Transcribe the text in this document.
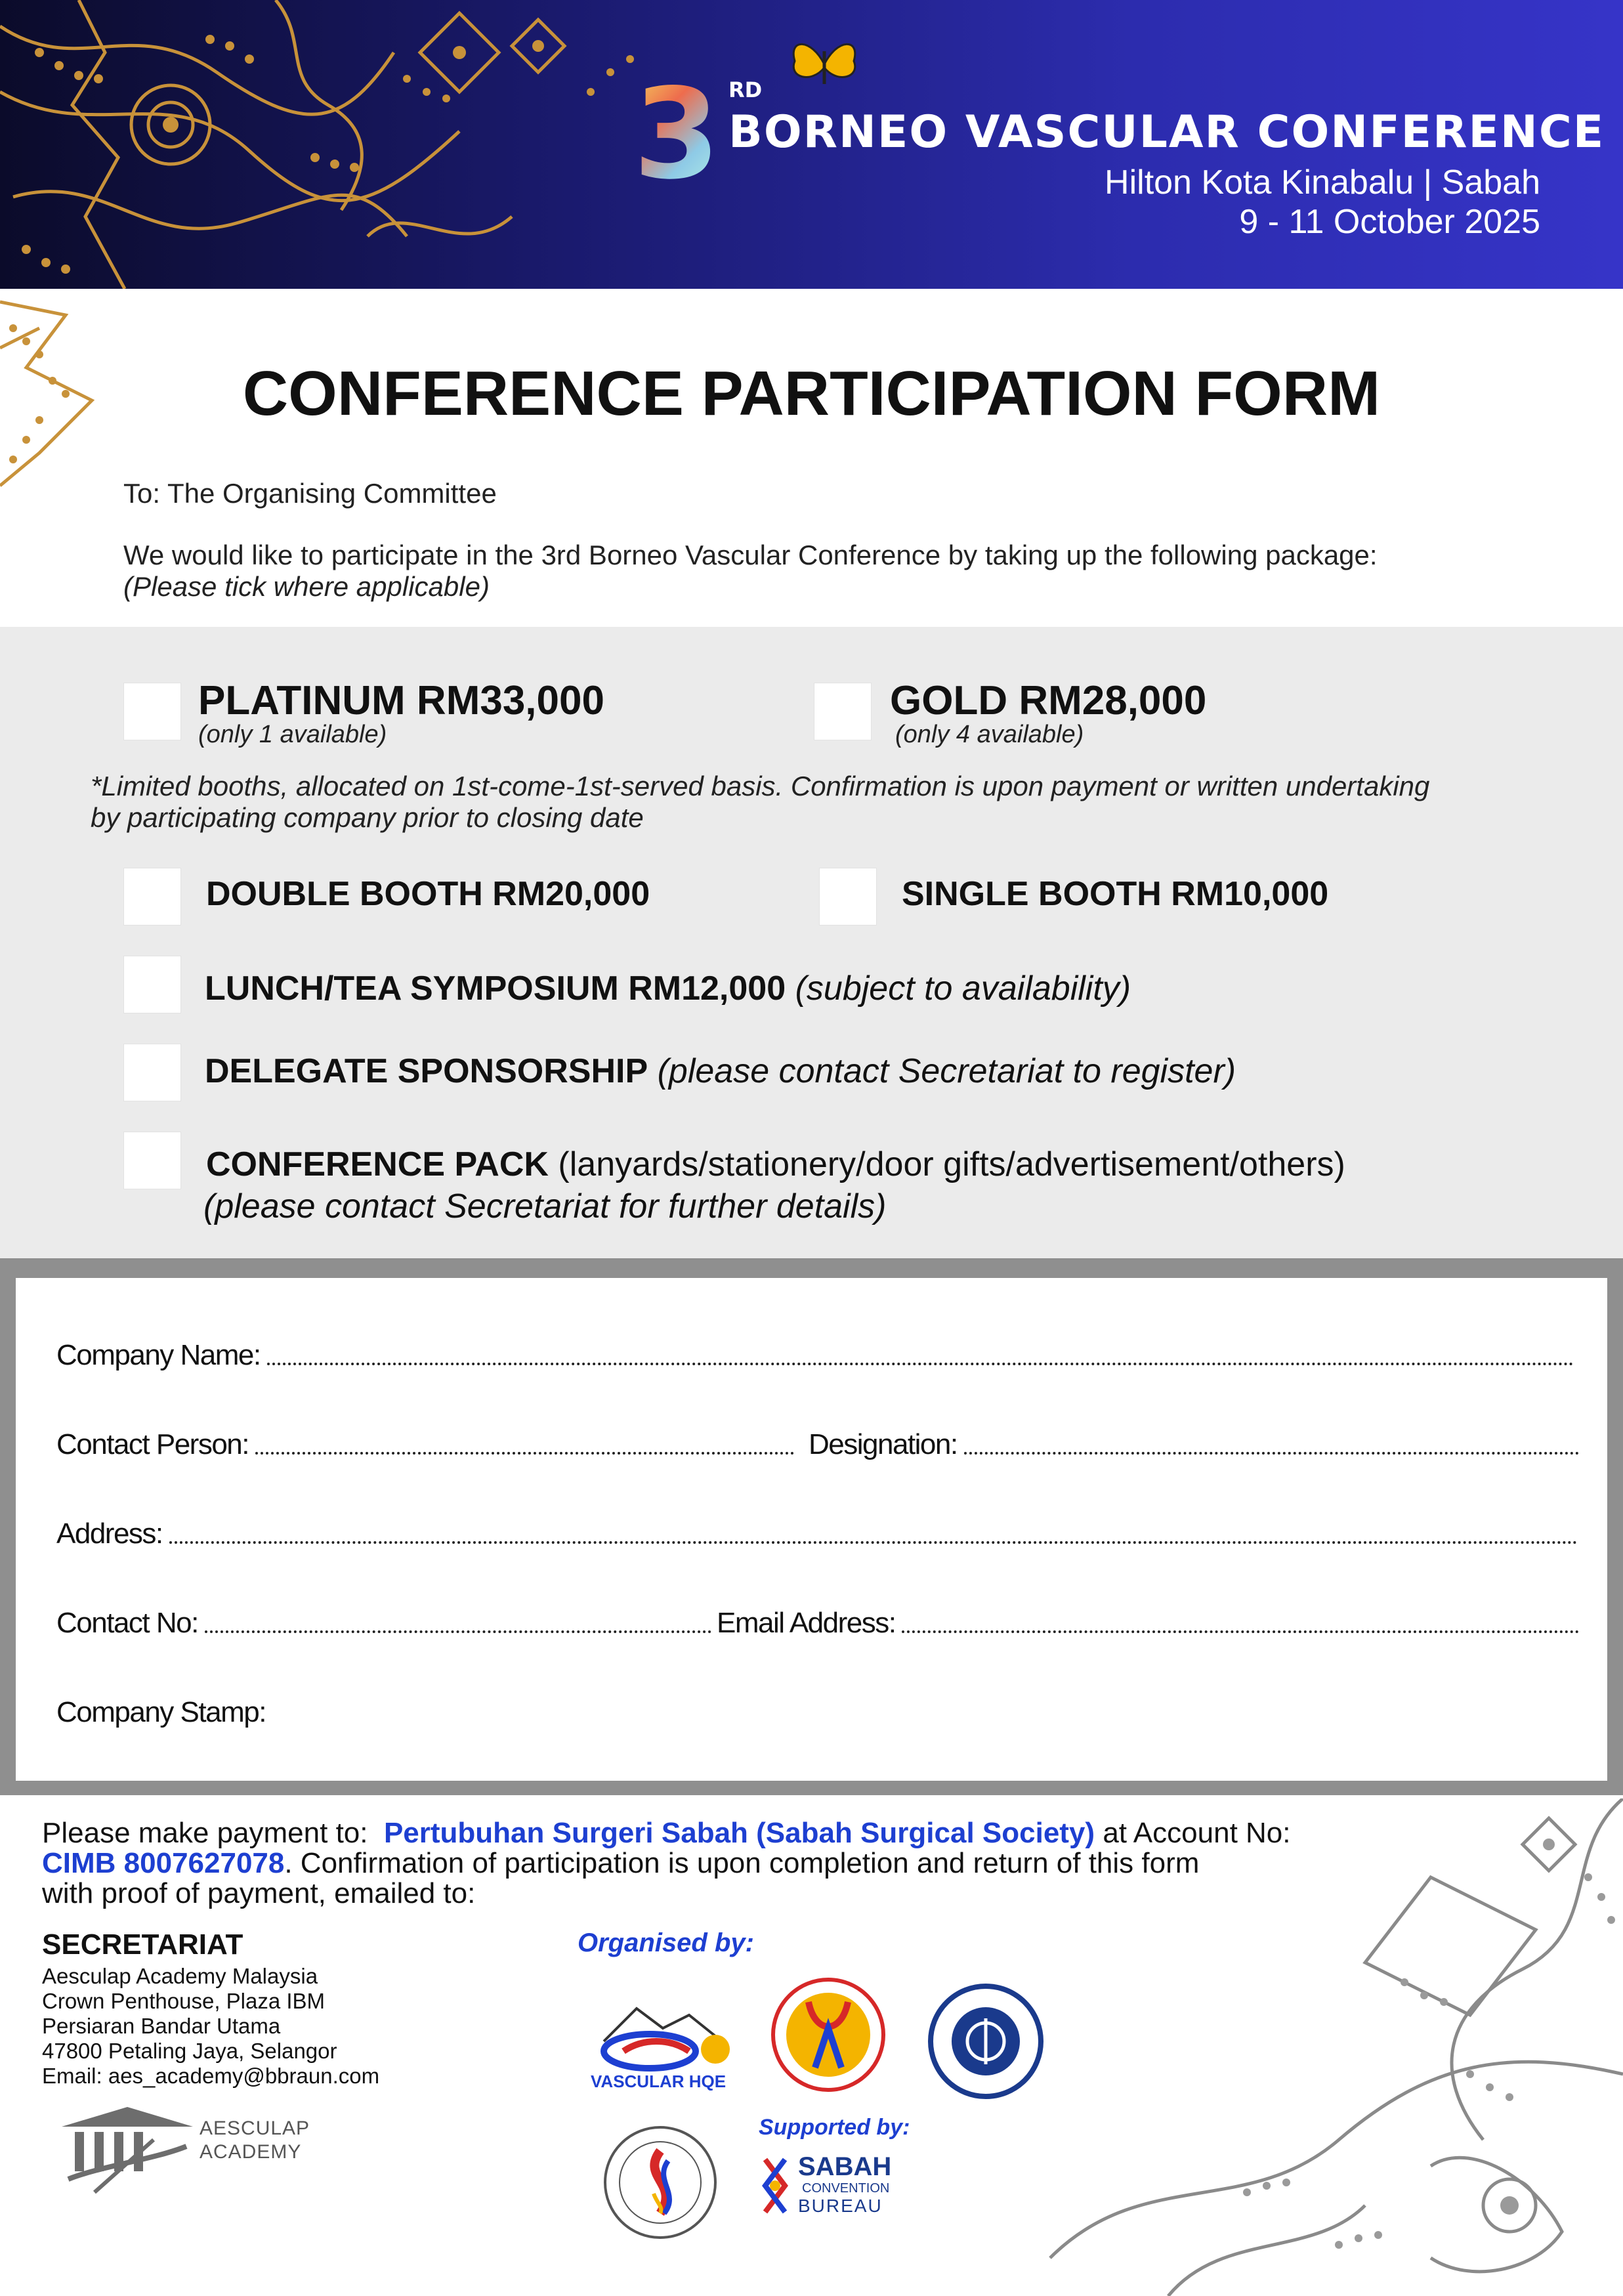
3 RD
BORNEO VASCULAR CONFERENCE
Hilton Kota Kinabalu | Sabah
9 - 11 October 2025
CONFERENCE PARTICIPATION FORM
To: The Organising Committee
We would like to participate in the 3rd Borneo Vascular Conference by taking up the following package:
(Please tick where applicable)
PLATINUM RM33,000
(only 1 available)
GOLD RM28,000
(only 4 available)
*Limited booths, allocated on 1st-come-1st-served basis. Confirmation is upon payment or written undertaking
by participating company prior to closing date
DOUBLE BOOTH RM20,000	SINGLE BOOTH RM10,000
LUNCH/TEA SYMPOSIUM RM12,000 (subject to availability)
DELEGATE SPONSORSHIP (please contact Secretariat to register)
CONFERENCE PACK (lanyards/stationery/door gifts/advertisement/others)
(please contact Secretariat for further details)
Company Name:
Contact Person:	Designation:
Address:
Contact No:	Email Address:
Company Stamp:
Please make payment to: Pertubuhan Surgeri Sabah (Sabah Surgical Society) at Account No:
CIMB 8007627078. Confirmation of participation is upon completion and return of this form
with proof of payment, emailed to:
SECRETARIAT
Aesculap Academy Malaysia
Crown Penthouse, Plaza IBM
Persiaran Bandar Utama
47800 Petaling Jaya, Selangor
Email: aes_academy@bbraun.com
AESCULAP
ACADEMY
Organised by:
VASCULAR HQE
Supported by:
SABAH
CONVENTION
BUREAU
